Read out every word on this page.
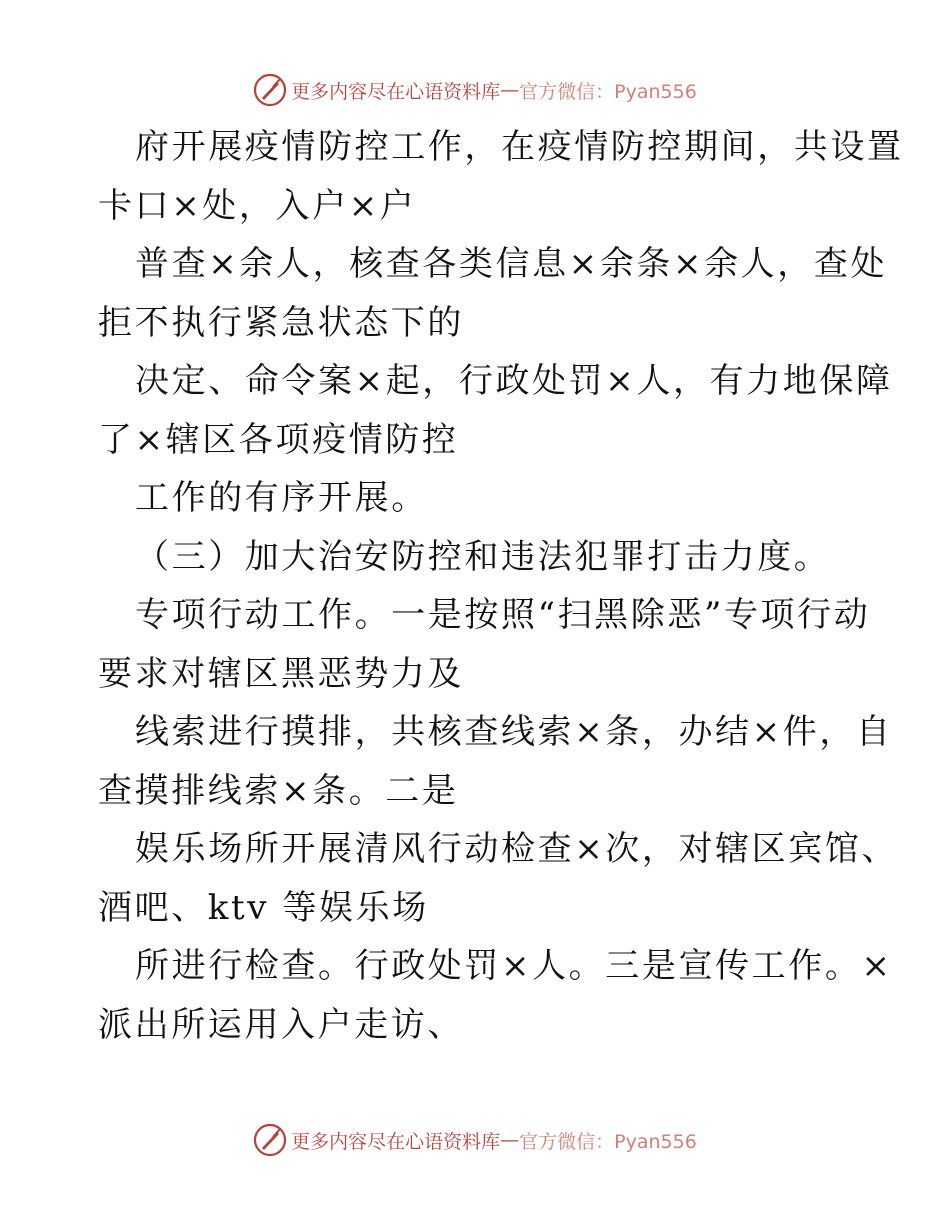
更多内容尽在心语资料库 — 官方微信：Pyan556
府开展疫情防控工作，在疫情防控期间，共设置
卡口×处，入户×户
普查×余人，核查各类信息×余条×余人，查处
拒不执行紧急状态下的
决定、命令案×起，行政处罚×人，有力地保障
了×辖区各项疫情防控
工作的有序开展。
（三）加大治安防控和违法犯罪打击力度。
专项行动工作。一是按照“扫黑除恶”专项行动
要求对辖区黑恶势力及
线索进行摸排，共核查线索×条，办结×件，自
查摸排线索×条。二是
娱乐场所开展清风行动检查×次，对辖区宾馆、
酒吧、ktv 等娱乐场
所进行检查。行政处罚×人。三是宣传工作。×
派出所运用入户走访、
更多内容尽在心语资料库 — 官方微信：Pyan556
